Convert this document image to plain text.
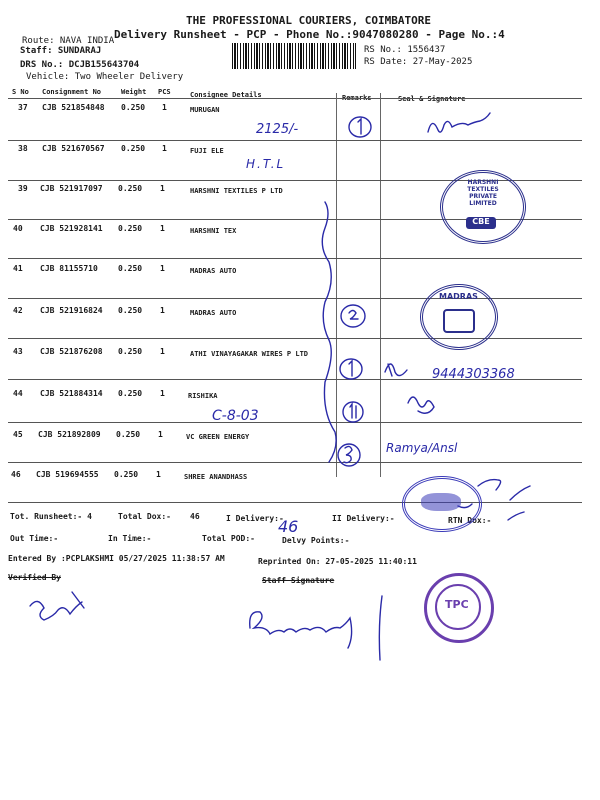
THE PROFESSIONAL COURIERS, COIMBATORE
Delivery Runsheet - PCP - Phone No.:9047080280 - Page No.:4
Route: NAVA INDIA
Staff: SUNDARAJ
DRS No.: DCJB155643704
Vehicle: Two Wheeler Delivery
RS No.: 1556437
RS Date: 27-May-2025
S No Consignment No	Weight PCS	Consignee Details	Remarks	Seal & Signature
37 CJB 521854848 0.250 1	MURUGAN
38 CJB 521670567 0.250 1	FUJI ELE
39 CJB 521917097 0.250 1	HARSHNI TEXTILES P LTD
40 CJB 521928141 0.250 1	HARSHNI TEX
41 CJB 81155710	0.250 1	MADRAS AUTO
42 CJB 521916824 0.250 1	MADRAS AUTO
43 CJB 521876208 0.250 1	ATHI VINAYAGAKAR WIRES P LTD
44 CJB 521884314 0.250 1	RISHIKA
45 CJB 521892809 0.250 1	VC GREEN ENERGY
46 CJB 519694555 0.250 1	SHREE ANANDHASS
Tot. Runsheet:- 4	Total Dox:- 46	I Delivery:-	II Delivery:-	RTN Dox:-
Out Time:-	In Time:-	Total POD:-	Delvy Points:-
Entered By :PCPLAKSHMI 05/27/2025 11:38:57 AM	Reprinted On: 27-05-2025 11:40:11
Verified By	Staff Signature
2125/-
H.T.L
9444303368
C-8-03
Ramya/Ansl
46
HARSHNI TEXTILES PRIVATE LIMITED
CBE
MADRAS
TPC
